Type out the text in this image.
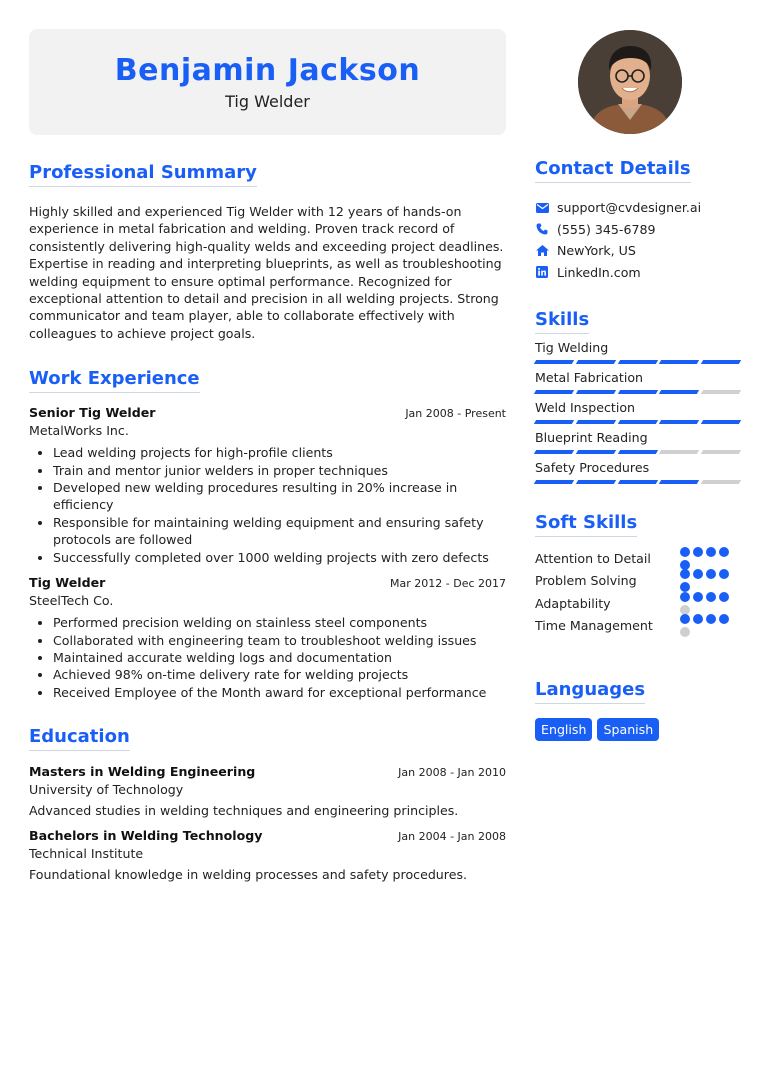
Benjamin Jackson
Tig Welder
Professional Summary

Highly skilled and experienced Tig Welder with 12 years of hands-on experience in metal fabrication and welding. Proven track record of consistently delivering high-quality welds and exceeding project deadlines. Expertise in reading and interpreting blueprints, as well as troubleshooting welding equipment to ensure optimal performance. Recognized for exceptional attention to detail and precision in all welding projects. Strong communicator and team player, able to collaborate effectively with colleagues to achieve project goals.

Work Experience
Senior Tig Welder	Jan 2008 - Present
MetalWorks Inc.
• Lead welding projects for high-profile clients
• Train and mentor junior welders in proper techniques
• Developed new welding procedures resulting in 20% increase in efficiency
• Responsible for maintaining welding equipment and ensuring safety protocols are followed
• Successfully completed over 1000 welding projects with zero defects
Tig Welder	Mar 2012 - Dec 2017
SteelTech Co.
• Performed precision welding on stainless steel components
• Collaborated with engineering team to troubleshoot welding issues
• Maintained accurate welding logs and documentation
• Achieved 98% on-time delivery rate for welding projects
• Received Employee of the Month award for exceptional performance
Education
Masters in Welding Engineering	Jan 2008 - Jan 2010
University of Technology
Advanced studies in welding techniques and engineering principles.
Bachelors in Welding Technology	Jan 2004 - Jan 2008
Technical Institute
Foundational knowledge in welding processes and safety procedures.
Contact Details
support@cvdesigner.ai
(555) 345-6789
NewYork, US
LinkedIn.com
Skills
Tig Welding
Metal Fabrication
Weld Inspection
Blueprint Reading
Safety Procedures
Soft Skills
Attention to Detail
Problem Solving
Adaptability
Time Management
Languages
English	Spanish
